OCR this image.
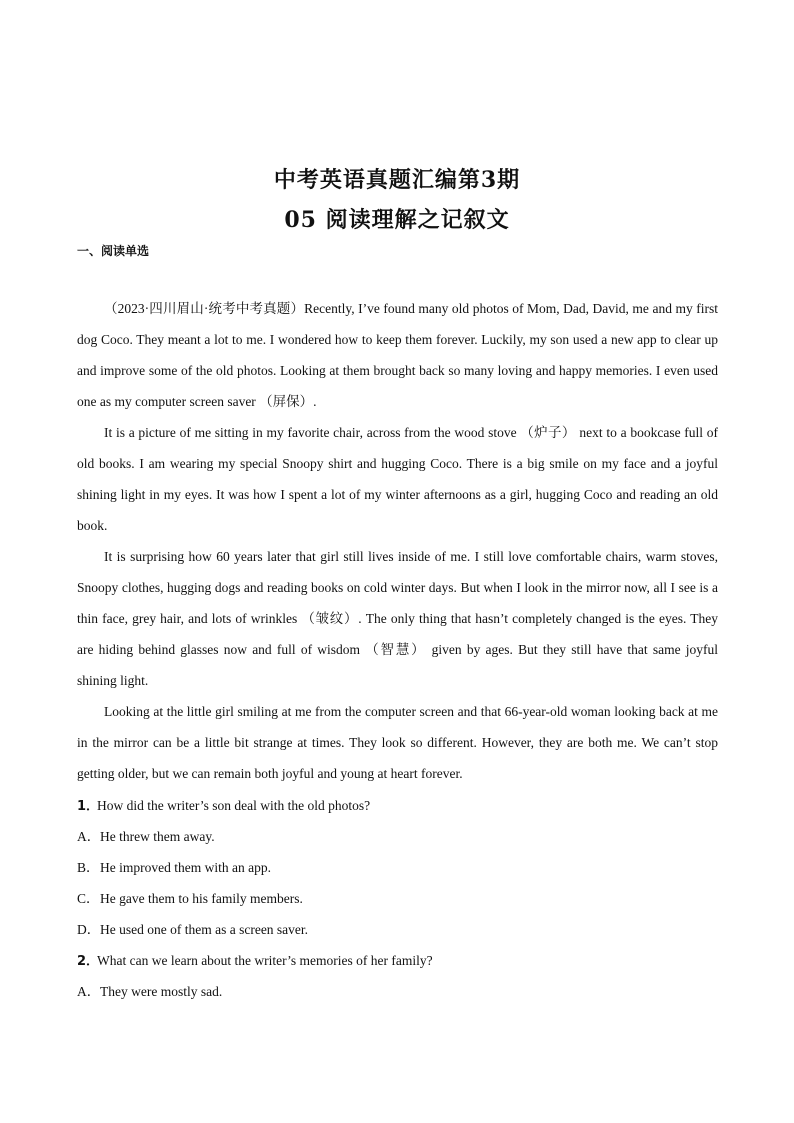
中考英语真题汇编第3期
05 阅读理解之记叙文
一、阅读单选

（2023·四川眉山·统考中考真题）Recently, I’ve found many old photos of Mom, Dad, David, me and my first dog Coco. They meant a lot to me. I wondered how to keep them forever. Luckily, my son used a new app to clear up and improve some of the old photos. Looking at them brought back so many loving and happy memories. I even used one as my computer screen saver （屏保）.

It is a picture of me sitting in my favorite chair, across from the wood stove （炉子） next to a bookcase full of old books. I am wearing my special Snoopy shirt and hugging Coco. There is a big smile on my face and a joyful shining light in my eyes. It was how I spent a lot of my winter afternoons as a girl, hugging Coco and reading an old book.

It is surprising how 60 years later that girl still lives inside of me. I still love comfortable chairs, warm stoves, Snoopy clothes, hugging dogs and reading books on cold winter days. But when I look in the mirror now, all I see is a thin face, grey hair, and lots of wrinkles （皱纹）. The only thing that hasn’t completely changed is the eyes. They are hiding behind glasses now and full of wisdom （智慧） given by ages. But they still have that same joyful shining light.

Looking at the little girl smiling at me from the computer screen and that 66-year-old woman looking back at me in the mirror can be a little bit strange at times. They look so different. However, they are both me. We can’t stop getting older, but we can remain both joyful and young at heart forever.

1．How did the writer’s son deal with the old photos?
A．He threw them away.
B．He improved them with an app.
C．He gave them to his family members.
D．He used one of them as a screen saver.
2．What can we learn about the writer’s memories of her family?
A．They were mostly sad.
